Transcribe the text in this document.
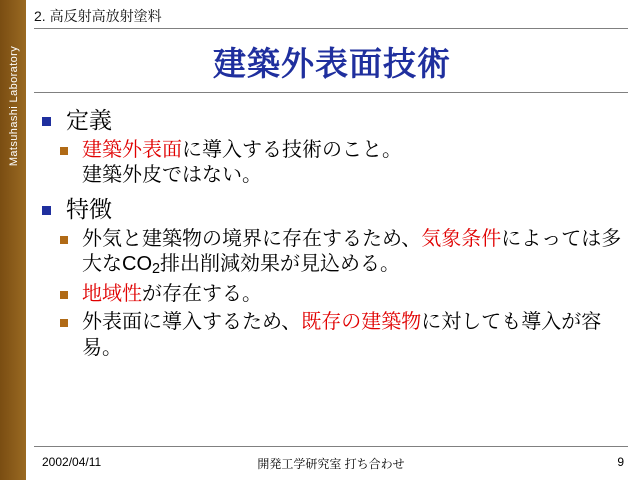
Matsuhashi Laboratory
2. 高反射高放射塗料
建築外表面技術
定義
建築外表面に導入する技術のこと。
建築外皮ではない。
特徴
外気と建築物の境界に存在するため、気象条件によっては多大な$CO_2$排出削減効果が見込める。
地域性が存在する。
外表面に導入するため、既存の建築物に対しても導入が容易。
2002/04/11	開発工学研究室 打ち合わせ	9
